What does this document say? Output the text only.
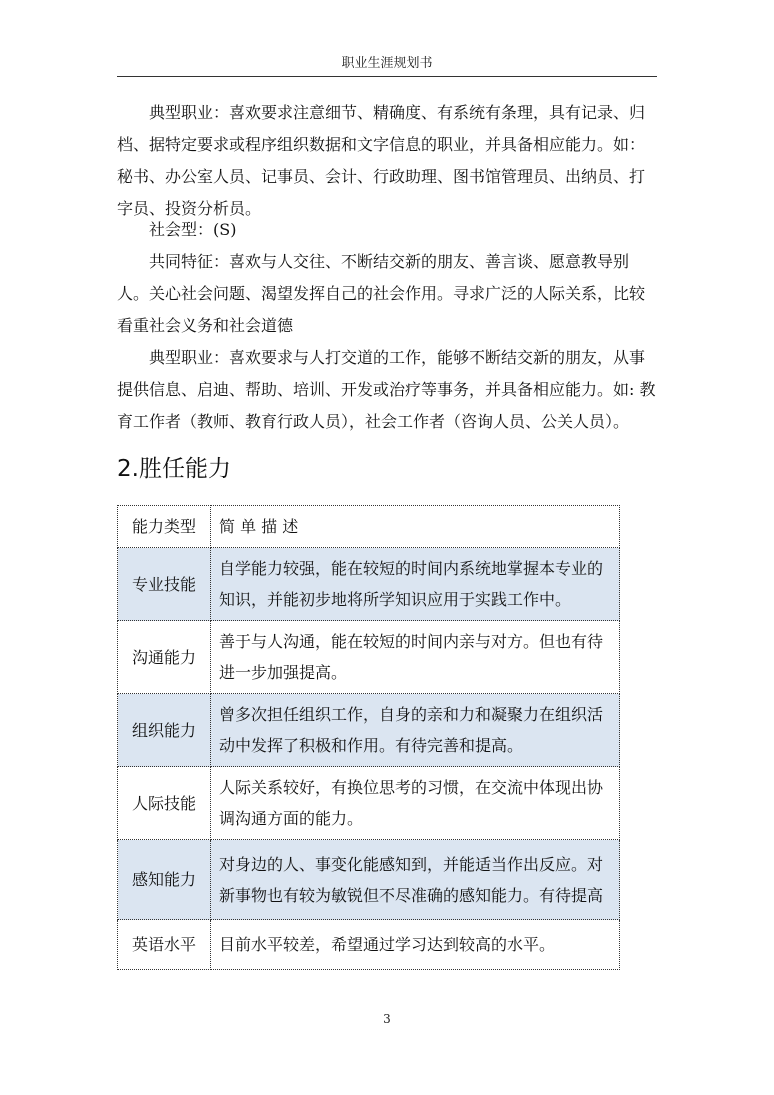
职业生涯规划书

典型职业：喜欢要求注意细节、精确度、有系统有条理，具有记录、归档、据特定要求或程序组织数据和文字信息的职业，并具备相应能力。如：秘书、办公室人员、记事员、会计、行政助理、图书馆管理员、出纳员、打字员、投资分析员。

社会型：(S)

共同特征：喜欢与人交往、不断结交新的朋友、善言谈、愿意教导别人。关心社会问题、渴望发挥自己的社会作用。寻求广泛的人际关系，比较看重社会义务和社会道德

典型职业：喜欢要求与人打交道的工作，能够不断结交新的朋友，从事提供信息、启迪、帮助、培训、开发或治疗等事务，并具备相应能力。如: 教育工作者（教师、教育行政人员），社会工作者（咨询人员、公关人员）。

2.胜任能力
能力类型	简 单 描 述
专业技能	自学能力较强，能在较短的时间内系统地掌握本专业的知识，并能初步地将所学知识应用于实践工作中。
沟通能力	善于与人沟通，能在较短的时间内亲与对方。但也有待进一步加强提高。
组织能力	曾多次担任组织工作，自身的亲和力和凝聚力在组织活动中发挥了积极和作用。有待完善和提高。
人际技能	人际关系较好，有换位思考的习惯，在交流中体现出协调沟通方面的能力。
感知能力	对身边的人、事变化能感知到，并能适当作出反应。对新事物也有较为敏锐但不尽准确的感知能力。有待提高
英语水平	目前水平较差，希望通过学习达到较高的水平。
3
